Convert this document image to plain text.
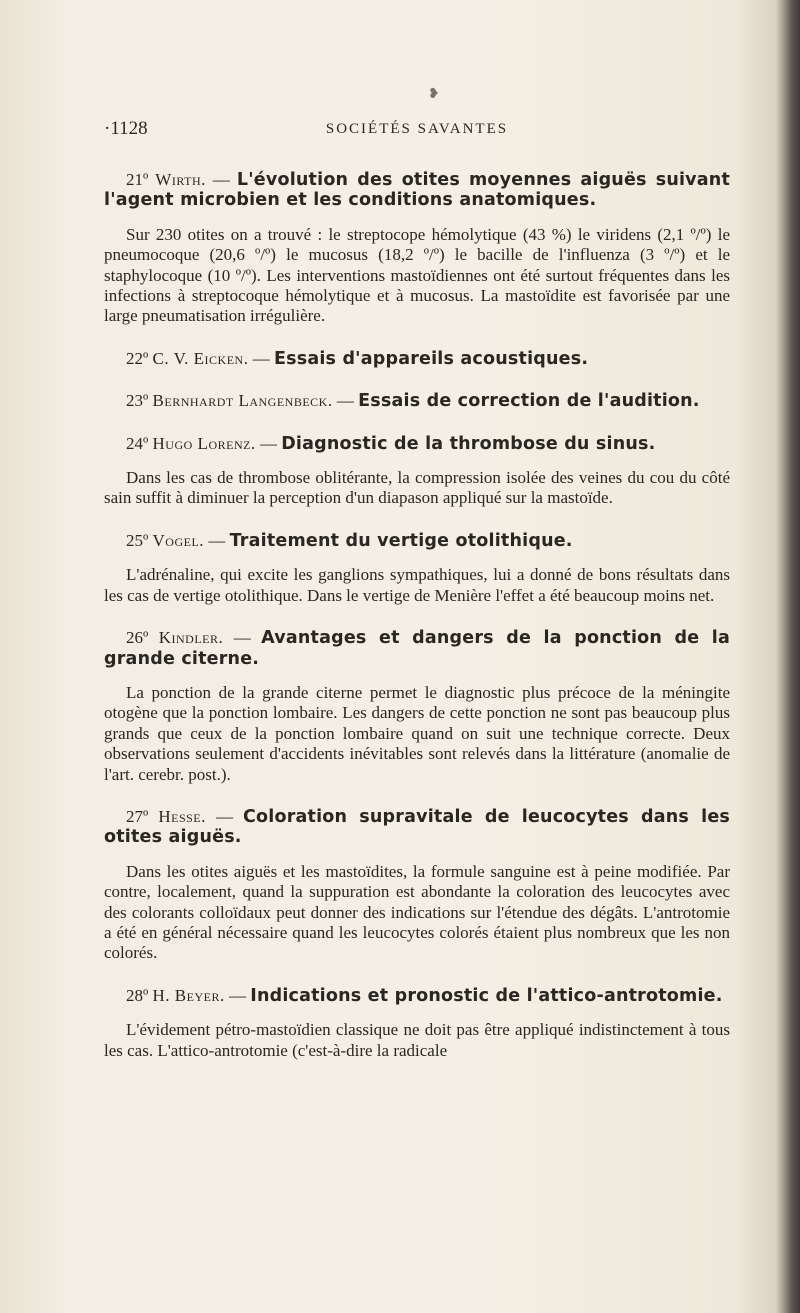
❥
·1128	SOCIÉTÉS SAVANTES

21º Wirth. — L'évolution des otites moyennes aiguës suivant l'agent microbien et les conditions anatomiques.

Sur 230 otites on a trouvé : le streptocope hémolytique (43 %) le viridens (2,1 º/º) le pneumocoque (20,6 º/º) le mucosus (18,2 º/º) le bacille de l'influenza (3 º/º) et le staphylocoque (10 º/º). Les interventions mastoïdiennes ont été surtout fréquentes dans les infections à streptocoque hémolytique et à mucosus. La mastoïdite est favorisée par une large pneumatisation irrégulière.

22º C. V. Eicken. — Essais d'appareils acoustiques.

23º Bernhardt Langenbeck. — Essais de correction de l'audition.

24º Hugo Lorenz. — Diagnostic de la thrombose du sinus.

Dans les cas de thrombose oblitérante, la compression isolée des veines du cou du côté sain suffit à diminuer la perception d'un diapason appliqué sur la mastoïde.

25º Vogel. — Traitement du vertige otolithique.

L'adrénaline, qui excite les ganglions sympathiques, lui a donné de bons résultats dans les cas de vertige otolithique. Dans le vertige de Menière l'effet a été beaucoup moins net.

26º Kindler. — Avantages et dangers de la ponction de la grande citerne.

La ponction de la grande citerne permet le diagnostic plus précoce de la méningite otogène que la ponction lombaire. Les dangers de cette ponction ne sont pas beaucoup plus grands que ceux de la ponction lombaire quand on suit une technique correcte. Deux observations seulement d'accidents inévitables sont relevés dans la littérature (anomalie de l'art. cerebr. post.).

27º Hesse. — Coloration supravitale de leucocytes dans les otites aiguës.

Dans les otites aiguës et les mastoïdites, la formule sanguine est à peine modifiée. Par contre, localement, quand la suppuration est abondante la coloration des leucocytes avec des colorants colloïdaux peut donner des indications sur l'étendue des dégâts. L'antrotomie a été en général nécessaire quand les leucocytes colorés étaient plus nombreux que les non colorés.

28º H. Beyer. — Indications et pronostic de l'attico-antrotomie.

L'évidement pétro-mastoïdien classique ne doit pas être appliqué indistinctement à tous les cas. L'attico-antrotomie (c'est-à-dire la radicale
